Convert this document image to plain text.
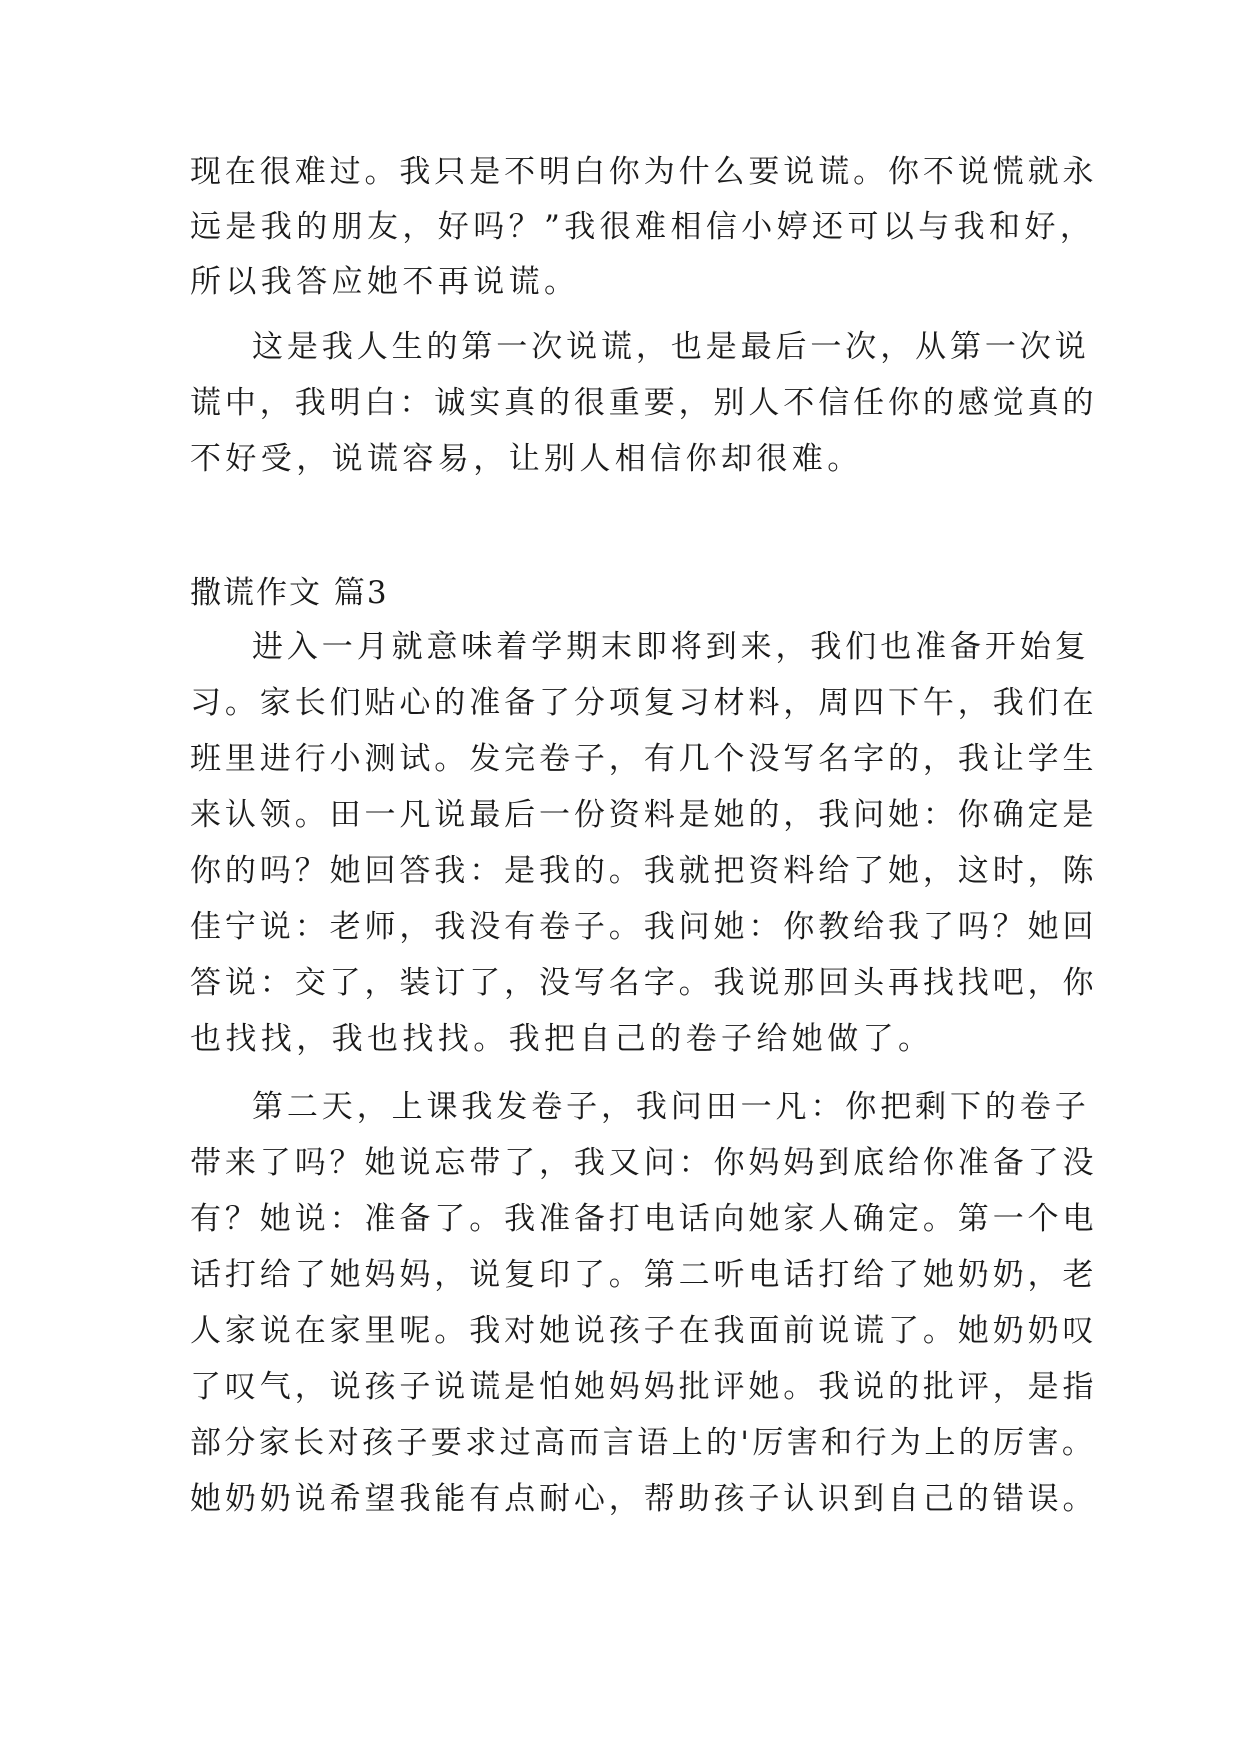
现在很难过。我只是不明白你为什么要说谎。你不说慌就永
远是我的朋友，好吗？”我很难相信小婷还可以与我和好，
所以我答应她不再说谎。
这是我人生的第一次说谎，也是最后一次，从第一次说
谎中，我明白：诚实真的很重要，别人不信任你的感觉真的
不好受，说谎容易，让别人相信你却很难。
撒谎作文 篇3
进入一月就意味着学期末即将到来，我们也准备开始复
习。家长们贴心的准备了分项复习材料，周四下午，我们在
班里进行小测试。发完卷子，有几个没写名字的，我让学生
来认领。田一凡说最后一份资料是她的，我问她：你确定是
你的吗？她回答我：是我的。我就把资料给了她，这时，陈
佳宁说：老师，我没有卷子。我问她：你教给我了吗？她回
答说：交了，装订了，没写名字。我说那回头再找找吧，你
也找找，我也找找。我把自己的卷子给她做了。
第二天，上课我发卷子，我问田一凡：你把剩下的卷子
带来了吗？她说忘带了，我又问：你妈妈到底给你准备了没
有？她说：准备了。我准备打电话向她家人确定。第一个电
话打给了她妈妈，说复印了。第二听电话打给了她奶奶，老
人家说在家里呢。我对她说孩子在我面前说谎了。她奶奶叹
了叹气，说孩子说谎是怕她妈妈批评她。我说的批评，是指
部分家长对孩子要求过高而言语上的'厉害和行为上的厉害。
她奶奶说希望我能有点耐心，帮助孩子认识到自己的错误。
